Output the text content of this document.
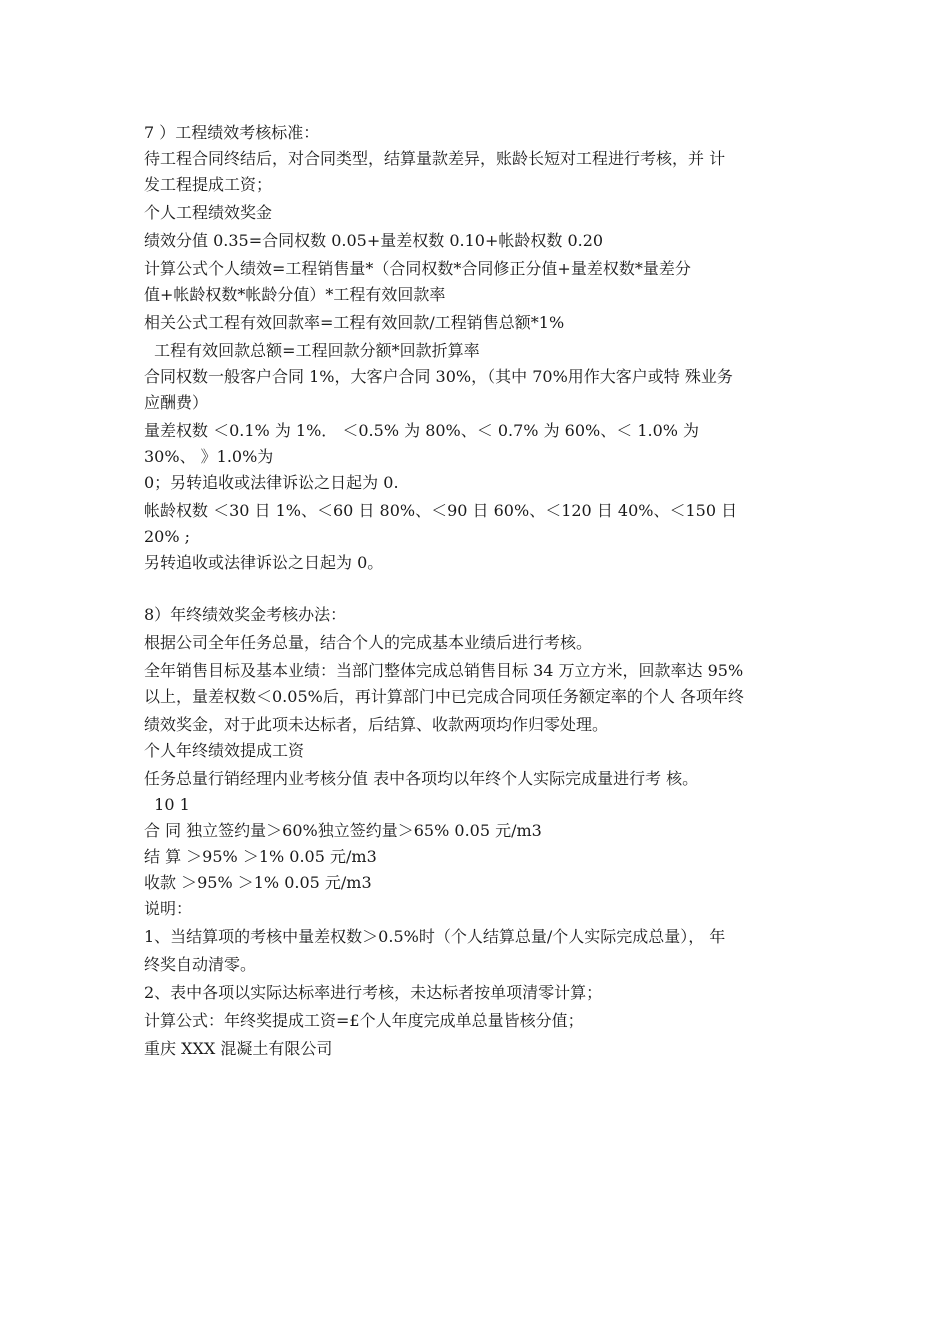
7 ）工程绩效考核标准：
待工程合同终结后，对合同类型，结算量款差异，账龄长短对工程进行考核，并 计
发工程提成工资；
个人工程绩效奖金
绩效分值 0.35=合同权数 0.05+量差权数 0.10+帐龄权数 0.20
计算公式个人绩效=工程销售量*（合同权数*合同修正分值+量差权数*量差分
值+帐龄权数*帐龄分值）*工程有效回款率
相关公式工程有效回款率=工程有效回款/工程销售总额*1%
工程有效回款总额=工程回款分额*回款折算率
合同权数一般客户合同 1%，大客户合同 30%，（其中 70%用作大客户或特 殊业务
应酬费）
量差权数 ＜0.1% 为 1%． ＜0.5% 为 80%、＜ 0.7% 为 60%、＜ 1.0% 为
30%、 》1.0%为
0；另转追收或法律诉讼之日起为 0.
帐龄权数 ＜30 日 1%、＜60 日 80%、＜90 日 60%、＜120 日 40%、＜150 日
20% ;
另转追收或法律诉讼之日起为 0。
8）年终绩效奖金考核办法：
根据公司全年任务总量，结合个人的完成基本业绩后进行考核。
全年销售目标及基本业绩：当部门整体完成总销售目标 34 万立方米，回款率达 95%
以上，量差权数＜0.05%后，再计算部门中已完成合同项任务额定率的个人 各项年终
绩效奖金，对于此项未达标者，后结算、收款两项均作归零处理。
个人年终绩效提成工资
任务总量行销经理内业考核分值 表中各项均以年终个人实际完成量进行考 核。
10 1
合 同 独立签约量＞60%独立签约量＞65% 0.05 元/m3
结 算 ＞95% ＞1% 0.05 元/m3
收款 ＞95% ＞1% 0.05 元/m3
说明：
1、当结算项的考核中量差权数＞0.5%时（个人结算总量/个人实际完成总量）， 年
终奖自动清零。
2、表中各项以实际达标率进行考核，未达标者按单项清零计算；
计算公式：年终奖提成工资=£个人年度完成单总量皆核分值；
重庆 XXX 混凝土有限公司
